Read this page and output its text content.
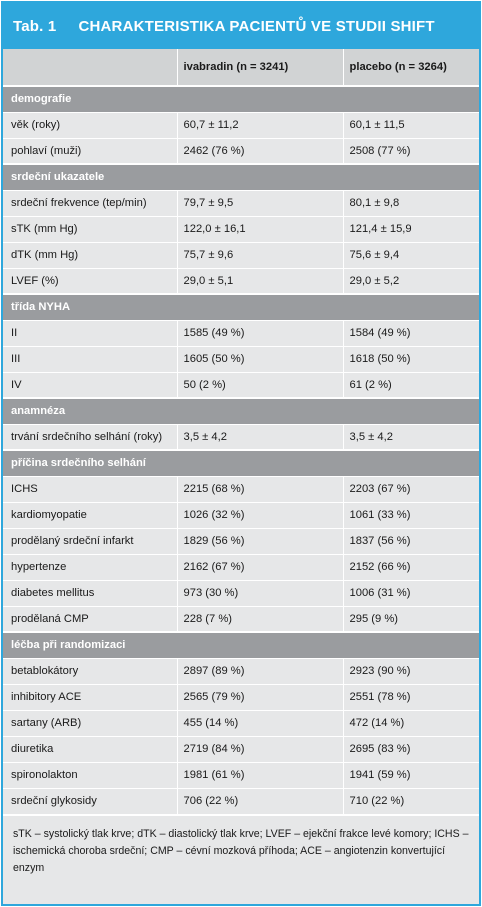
Tab. 1 CHARAKTERISTIKA PACIENTŮ VE STUDII SHIFT
	ivabradin (n = 3241)	placebo (n = 3264)
demografie		
věk (roky)	60,7 ± 11,2	60,1 ± 11,5
pohlaví (muži)	2462 (76 %)	2508 (77 %)
srdeční ukazatele		
srdeční frekvence (tep/min)	79,7 ± 9,5	80,1 ± 9,8
sTK (mm Hg)	122,0 ± 16,1	121,4 ± 15,9
dTK (mm Hg)	75,7 ± 9,6	75,6 ± 9,4
LVEF (%)	29,0 ± 5,1	29,0 ± 5,2
třída NYHA		
II	1585 (49 %)	1584 (49 %)
III	1605 (50 %)	1618 (50 %)
IV	50 (2 %)	61 (2 %)
anamnéza		
trvání srdečního selhání (roky)	3,5 ± 4,2	3,5 ± 4,2
příčina srdečního selhání		
ICHS	2215 (68 %)	2203 (67 %)
kardiomyopatie	1026 (32 %)	1061 (33 %)
prodělaný srdeční infarkt	1829 (56 %)	1837 (56 %)
hypertenze	2162 (67 %)	2152 (66 %)
diabetes mellitus	973 (30 %)	1006 (31 %)
prodělaná CMP	228 (7 %)	295 (9 %)
léčba při randomizaci		
betablokátory	2897 (89 %)	2923 (90 %)
inhibitory ACE	2565 (79 %)	2551 (78 %)
sartany (ARB)	455 (14 %)	472 (14 %)
diuretika	2719 (84 %)	2695 (83 %)
spironolakton	1981 (61 %)	1941 (59 %)
srdeční glykosidy	706 (22 %)	710 (22 %)
sTK – systolický tlak krve; dTK – diastolický tlak krve; LVEF – ejekční frakce levé komory; ICHS – ischemická choroba srdeční; CMP – cévní mozková příhoda; ACE – angiotenzin konvertující enzym
